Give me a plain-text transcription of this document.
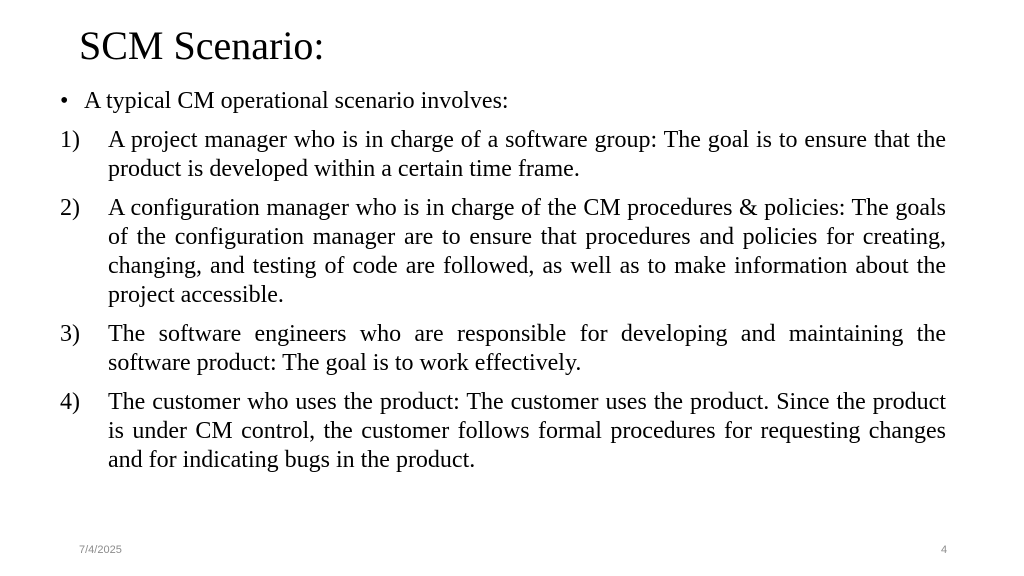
SCM Scenario:
• A typical CM operational scenario involves:
1)	A project manager who is in charge of a software group: The goal is to ensure that the product is developed within a certain time frame.
2)	A configuration manager who is in charge of the CM procedures & policies: The goals of the configuration manager are to ensure that procedures and policies for creating, changing, and testing of code are followed, as well as to make information about the project accessible.
3)	The software engineers who are responsible for developing and maintaining the software product: The goal is to work effectively.
4)	The customer who uses the product: The customer uses the product. Since the product is under CM control, the customer follows formal procedures for requesting changes and for indicating bugs in the product.
7/4/2025	4
